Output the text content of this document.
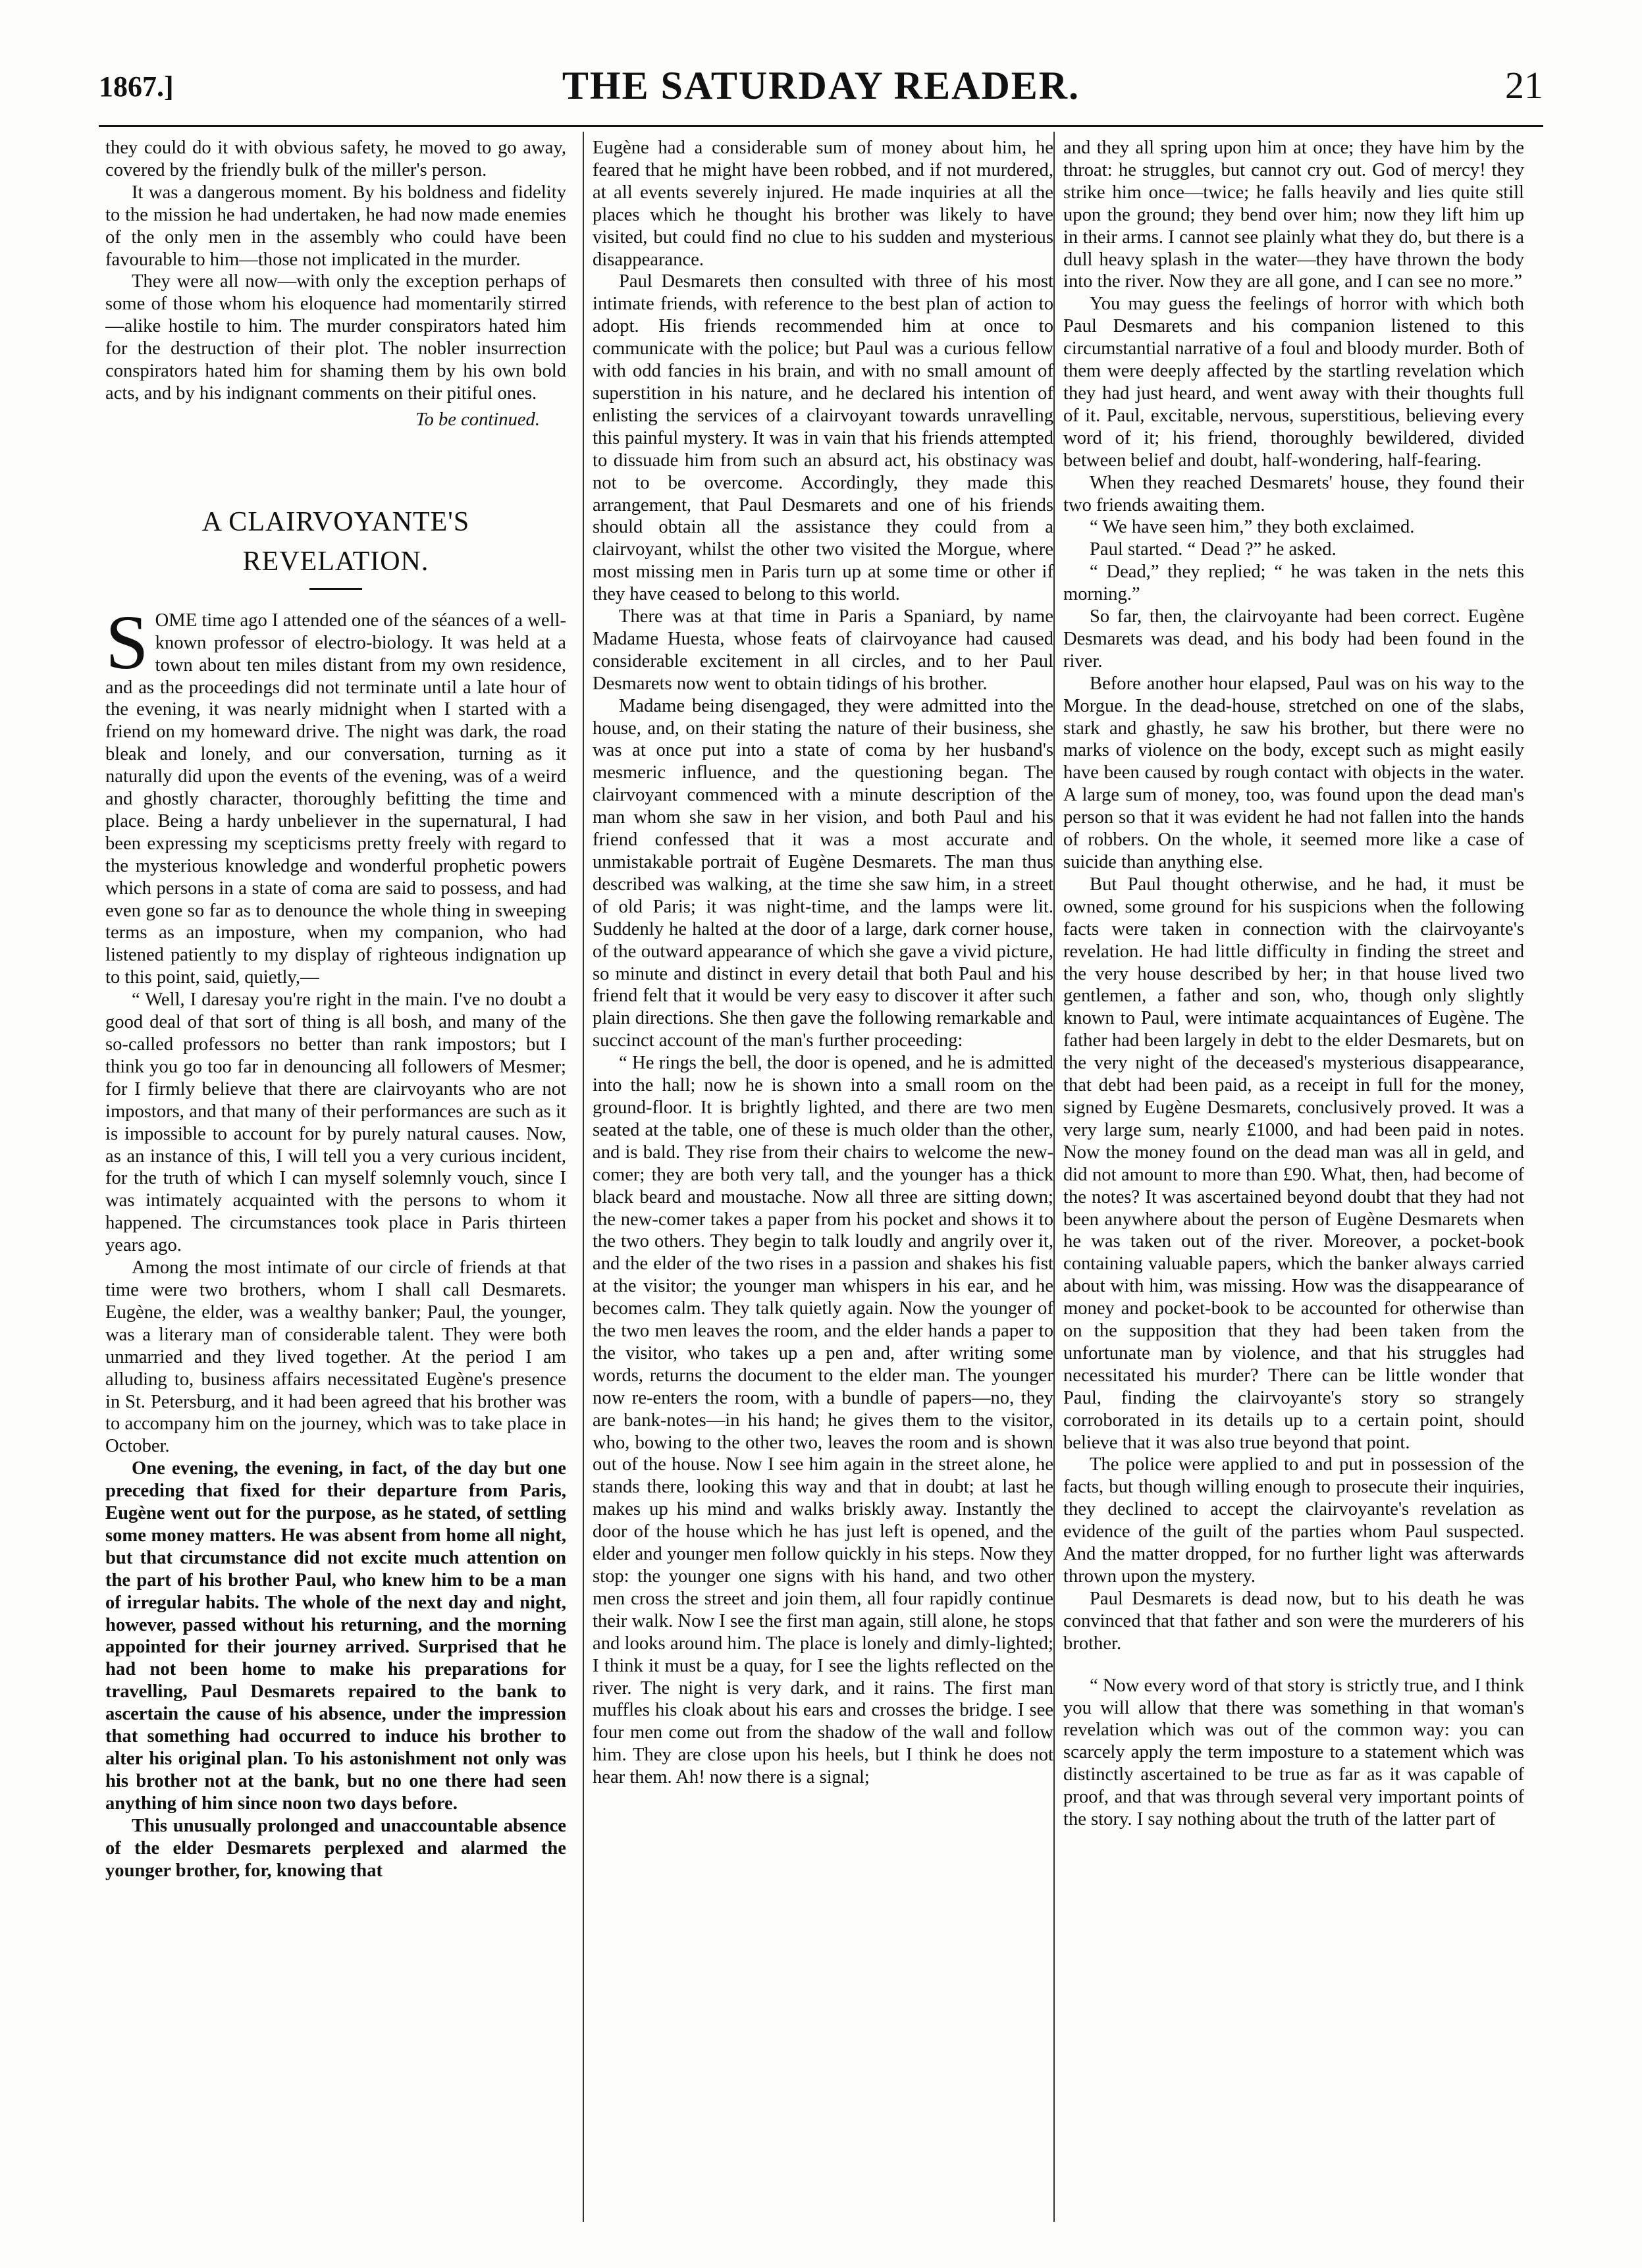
1867.]	THE SATURDAY READER.	21

they could do it with obvious safety, he moved to go away, covered by the friendly bulk of the miller's person.

It was a dangerous moment. By his boldness and fidelity to the mission he had undertaken, he had now made enemies of the only men in the assembly who could have been favourable to him—those not implicated in the murder.

They were all now—with only the exception perhaps of some of those whom his eloquence had momentarily stirred—alike hostile to him. The murder conspirators hated him for the destruction of their plot. The nobler insurrection conspirators hated him for shaming them by his own bold acts, and by his indignant comments on their pitiful ones.

To be continued.

A CLAIRVOYANTE'S REVELATION.

SOME time ago I attended one of the séances of a well-known professor of electro-biology. It was held at a town about ten miles distant from my own residence, and as the proceedings did not terminate until a late hour of the evening, it was nearly midnight when I started with a friend on my homeward drive. The night was dark, the road bleak and lonely, and our conversation, turning as it naturally did upon the events of the evening, was of a weird and ghostly character, thoroughly befitting the time and place. Being a hardy unbeliever in the supernatural, I had been expressing my scepticisms pretty freely with regard to the mysterious knowledge and wonderful prophetic powers which persons in a state of coma are said to possess, and had even gone so far as to denounce the whole thing in sweeping terms as an imposture, when my companion, who had listened patiently to my display of righteous indignation up to this point, said, quietly,—

“ Well, I daresay you're right in the main. I've no doubt a good deal of that sort of thing is all bosh, and many of the so-called professors no better than rank impostors; but I think you go too far in denouncing all followers of Mesmer; for I firmly believe that there are clairvoyants who are not impostors, and that many of their performances are such as it is impossible to account for by purely natural causes. Now, as an instance of this, I will tell you a very curious incident, for the truth of which I can myself solemnly vouch, since I was intimately acquainted with the persons to whom it happened. The circumstances took place in Paris thirteen years ago.

Among the most intimate of our circle of friends at that time were two brothers, whom I shall call Desmarets. Eugène, the elder, was a wealthy banker; Paul, the younger, was a literary man of considerable talent. They were both unmarried and they lived together. At the period I am alluding to, business affairs necessitated Eugène's presence in St. Petersburg, and it had been agreed that his brother was to accompany him on the journey, which was to take place in October.

One evening, the evening, in fact, of the day but one preceding that fixed for their departure from Paris, Eugène went out for the purpose, as he stated, of settling some money matters. He was absent from home all night, but that circumstance did not excite much attention on the part of his brother Paul, who knew him to be a man of irregular habits. The whole of the next day and night, however, passed without his returning, and the morning appointed for their journey arrived. Surprised that he had not been home to make his preparations for travelling, Paul Desmarets repaired to the bank to ascertain the cause of his absence, under the impression that something had occurred to induce his brother to alter his original plan. To his astonishment not only was his brother not at the bank, but no one there had seen anything of him since noon two days before.

This unusually prolonged and unaccountable absence of the elder Desmarets perplexed and alarmed the younger brother, for, knowing that

Eugène had a considerable sum of money about him, he feared that he might have been robbed, and if not murdered, at all events severely injured. He made inquiries at all the places which he thought his brother was likely to have visited, but could find no clue to his sudden and mysterious disappearance.

Paul Desmarets then consulted with three of his most intimate friends, with reference to the best plan of action to adopt. His friends recommended him at once to communicate with the police; but Paul was a curious fellow with odd fancies in his brain, and with no small amount of superstition in his nature, and he declared his intention of enlisting the services of a clairvoyant towards unravelling this painful mystery. It was in vain that his friends attempted to dissuade him from such an absurd act, his obstinacy was not to be overcome. Accordingly, they made this arrangement, that Paul Desmarets and one of his friends should obtain all the assistance they could from a clairvoyant, whilst the other two visited the Morgue, where most missing men in Paris turn up at some time or other if they have ceased to belong to this world.

There was at that time in Paris a Spaniard, by name Madame Huesta, whose feats of clairvoyance had caused considerable excitement in all circles, and to her Paul Desmarets now went to obtain tidings of his brother.

Madame being disengaged, they were admitted into the house, and, on their stating the nature of their business, she was at once put into a state of coma by her husband's mesmeric influence, and the questioning began. The clairvoyant commenced with a minute description of the man whom she saw in her vision, and both Paul and his friend confessed that it was a most accurate and unmistakable portrait of Eugène Desmarets. The man thus described was walking, at the time she saw him, in a street of old Paris; it was night-time, and the lamps were lit. Suddenly he halted at the door of a large, dark corner house, of the outward appearance of which she gave a vivid picture, so minute and distinct in every detail that both Paul and his friend felt that it would be very easy to discover it after such plain directions. She then gave the following remarkable and succinct account of the man's further proceeding:

“ He rings the bell, the door is opened, and he is admitted into the hall; now he is shown into a small room on the ground-floor. It is brightly lighted, and there are two men seated at the table, one of these is much older than the other, and is bald. They rise from their chairs to welcome the new-comer; they are both very tall, and the younger has a thick black beard and moustache. Now all three are sitting down; the new-comer takes a paper from his pocket and shows it to the two others. They begin to talk loudly and angrily over it, and the elder of the two rises in a passion and shakes his fist at the visitor; the younger man whispers in his ear, and he becomes calm. They talk quietly again. Now the younger of the two men leaves the room, and the elder hands a paper to the visitor, who takes up a pen and, after writing some words, returns the document to the elder man. The younger now re-enters the room, with a bundle of papers—no, they are bank-notes—in his hand; he gives them to the visitor, who, bowing to the other two, leaves the room and is shown out of the house. Now I see him again in the street alone, he stands there, looking this way and that in doubt; at last he makes up his mind and walks briskly away. Instantly the door of the house which he has just left is opened, and the elder and younger men follow quickly in his steps. Now they stop: the younger one signs with his hand, and two other men cross the street and join them, all four rapidly continue their walk. Now I see the first man again, still alone, he stops and looks around him. The place is lonely and dimly-lighted; I think it must be a quay, for I see the lights reflected on the river. The night is very dark, and it rains. The first man muffles his cloak about his ears and crosses the bridge. I see four men come out from the shadow of the wall and follow him. They are close upon his heels, but I think he does not hear them. Ah! now there is a signal;

and they all spring upon him at once; they have him by the throat: he struggles, but cannot cry out. God of mercy! they strike him once—twice; he falls heavily and lies quite still upon the ground; they bend over him; now they lift him up in their arms. I cannot see plainly what they do, but there is a dull heavy splash in the water—they have thrown the body into the river. Now they are all gone, and I can see no more.”

You may guess the feelings of horror with which both Paul Desmarets and his companion listened to this circumstantial narrative of a foul and bloody murder. Both of them were deeply affected by the startling revelation which they had just heard, and went away with their thoughts full of it. Paul, excitable, nervous, superstitious, believing every word of it; his friend, thoroughly bewildered, divided between belief and doubt, half-wondering, half-fearing.

When they reached Desmarets' house, they found their two friends awaiting them.

“ We have seen him,” they both exclaimed.

Paul started. “ Dead ?” he asked.

“ Dead,” they replied; “ he was taken in the nets this morning.”

So far, then, the clairvoyante had been correct. Eugène Desmarets was dead, and his body had been found in the river.

Before another hour elapsed, Paul was on his way to the Morgue. In the dead-house, stretched on one of the slabs, stark and ghastly, he saw his brother, but there were no marks of violence on the body, except such as might easily have been caused by rough contact with objects in the water. A large sum of money, too, was found upon the dead man's person so that it was evident he had not fallen into the hands of robbers. On the whole, it seemed more like a case of suicide than anything else.

But Paul thought otherwise, and he had, it must be owned, some ground for his suspicions when the following facts were taken in connection with the clairvoyante's revelation. He had little difficulty in finding the street and the very house described by her; in that house lived two gentlemen, a father and son, who, though only slightly known to Paul, were intimate acquaintances of Eugène. The father had been largely in debt to the elder Desmarets, but on the very night of the deceased's mysterious disappearance, that debt had been paid, as a receipt in full for the money, signed by Eugène Desmarets, conclusively proved. It was a very large sum, nearly £1000, and had been paid in notes. Now the money found on the dead man was all in geld, and did not amount to more than £90. What, then, had become of the notes? It was ascertained beyond doubt that they had not been anywhere about the person of Eugène Desmarets when he was taken out of the river. Moreover, a pocket-book containing valuable papers, which the banker always carried about with him, was missing. How was the disappearance of money and pocket-book to be accounted for otherwise than on the supposition that they had been taken from the unfortunate man by violence, and that his struggles had necessitated his murder? There can be little wonder that Paul, finding the clairvoyante's story so strangely corroborated in its details up to a certain point, should believe that it was also true beyond that point.

The police were applied to and put in possession of the facts, but though willing enough to prosecute their inquiries, they declined to accept the clairvoyante's revelation as evidence of the guilt of the parties whom Paul suspected. And the matter dropped, for no further light was afterwards thrown upon the mystery.

Paul Desmarets is dead now, but to his death he was convinced that that father and son were the murderers of his brother.

“ Now every word of that story is strictly true, and I think you will allow that there was something in that woman's revelation which was out of the common way: you can scarcely apply the term imposture to a statement which was distinctly ascertained to be true as far as it was capable of proof, and that was through several very important points of the story. I say nothing about the truth of the latter part of
